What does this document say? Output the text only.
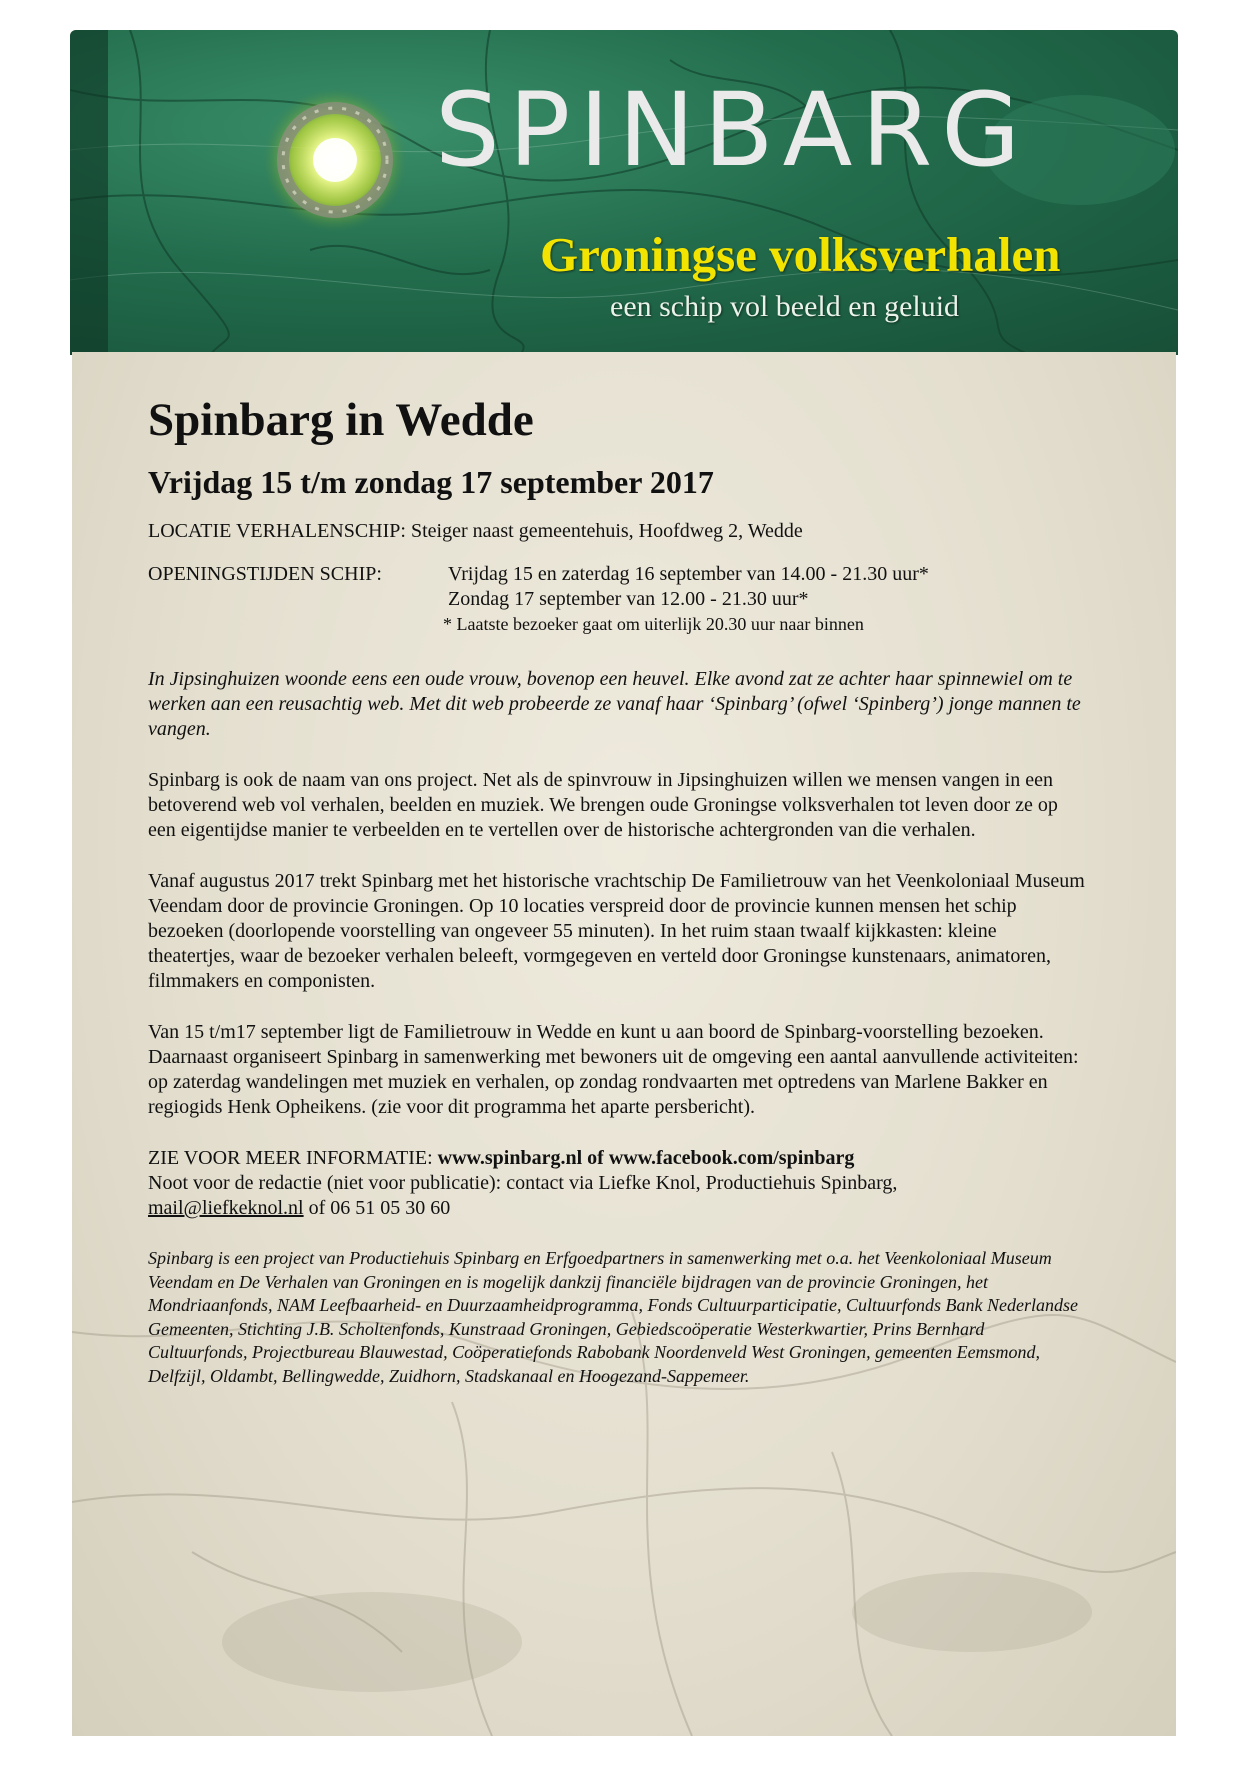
SPINBARG
Groningse volksverhalen
een schip vol beeld en geluid
Spinbarg in Wedde
Vrijdag 15 t/m zondag 17 september 2017

LOCATIE VERHALENSCHIP: Steiger naast gemeentehuis, Hoofdweg 2, Wedde

OPENINGSTIJDEN SCHIP:	Vrijdag 15 en zaterdag 16 september van 14.00 - 21.30 uur*
Zondag 17 september van 12.00 - 21.30 uur*
* Laatste bezoeker gaat om uiterlijk 20.30 uur naar binnen

In Jipsinghuizen woonde eens een oude vrouw, bovenop een heuvel. Elke avond zat ze achter haar spinnewiel om te werken aan een reusachtig web. Met dit web probeerde ze vanaf haar ‘Spinbarg’ (ofwel ‘Spinberg’) jonge mannen te vangen.

Spinbarg is ook de naam van ons project. Net als de spinvrouw in Jipsinghuizen willen we mensen vangen in een betoverend web vol verhalen, beelden en muziek. We brengen oude Groningse volksverhalen tot leven door ze op een eigentijdse manier te verbeelden en te vertellen over de historische achtergronden van die verhalen.

Vanaf augustus 2017 trekt Spinbarg met het historische vrachtschip De Familietrouw van het Veenkoloniaal Museum Veendam door de provincie Groningen. Op 10 locaties verspreid door de provincie kunnen mensen het schip bezoeken (doorlopende voorstelling van ongeveer 55 minuten). In het ruim staan twaalf kijkkasten: kleine theatertjes, waar de bezoeker verhalen beleeft, vormgegeven en verteld door Groningse kunstenaars, animatoren, filmmakers en componisten.

Van 15 t/m17 september ligt de Familietrouw in Wedde en kunt u aan boord de Spinbarg-voorstelling bezoeken. Daarnaast organiseert Spinbarg in samenwerking met bewoners uit de omgeving een aantal aanvullende activiteiten: op zaterdag wandelingen met muziek en verhalen, op zondag rondvaarten met optredens van Marlene Bakker en regiogids Henk Opheikens. (zie voor dit programma het aparte persbericht).

ZIE VOOR MEER INFORMATIE: www.spinbarg.nl of www.facebook.com/spinbarg
Noot voor de redactie (niet voor publicatie): contact via Liefke Knol, Productiehuis Spinbarg,
mail@liefkeknol.nl of 06 51 05 30 60

Spinbarg is een project van Productiehuis Spinbarg en Erfgoedpartners in samenwerking met o.a. het Veenkoloniaal Museum Veendam en De Verhalen van Groningen en is mogelijk dankzij financiële bijdragen van de provincie Groningen, het Mondriaanfonds, NAM Leefbaarheid- en Duurzaamheidprogramma, Fonds Cultuurparticipatie, Cultuurfonds Bank Nederlandse Gemeenten, Stichting J.B. Scholtenfonds, Kunstraad Groningen, Gebiedscoöperatie Westerkwartier, Prins Bernhard Cultuurfonds, Projectbureau Blauwestad, Coöperatiefonds Rabobank Noordenveld West Groningen, gemeenten Eemsmond, Delfzijl, Oldambt, Bellingwedde, Zuidhorn, Stadskanaal en Hoogezand-Sappemeer.
